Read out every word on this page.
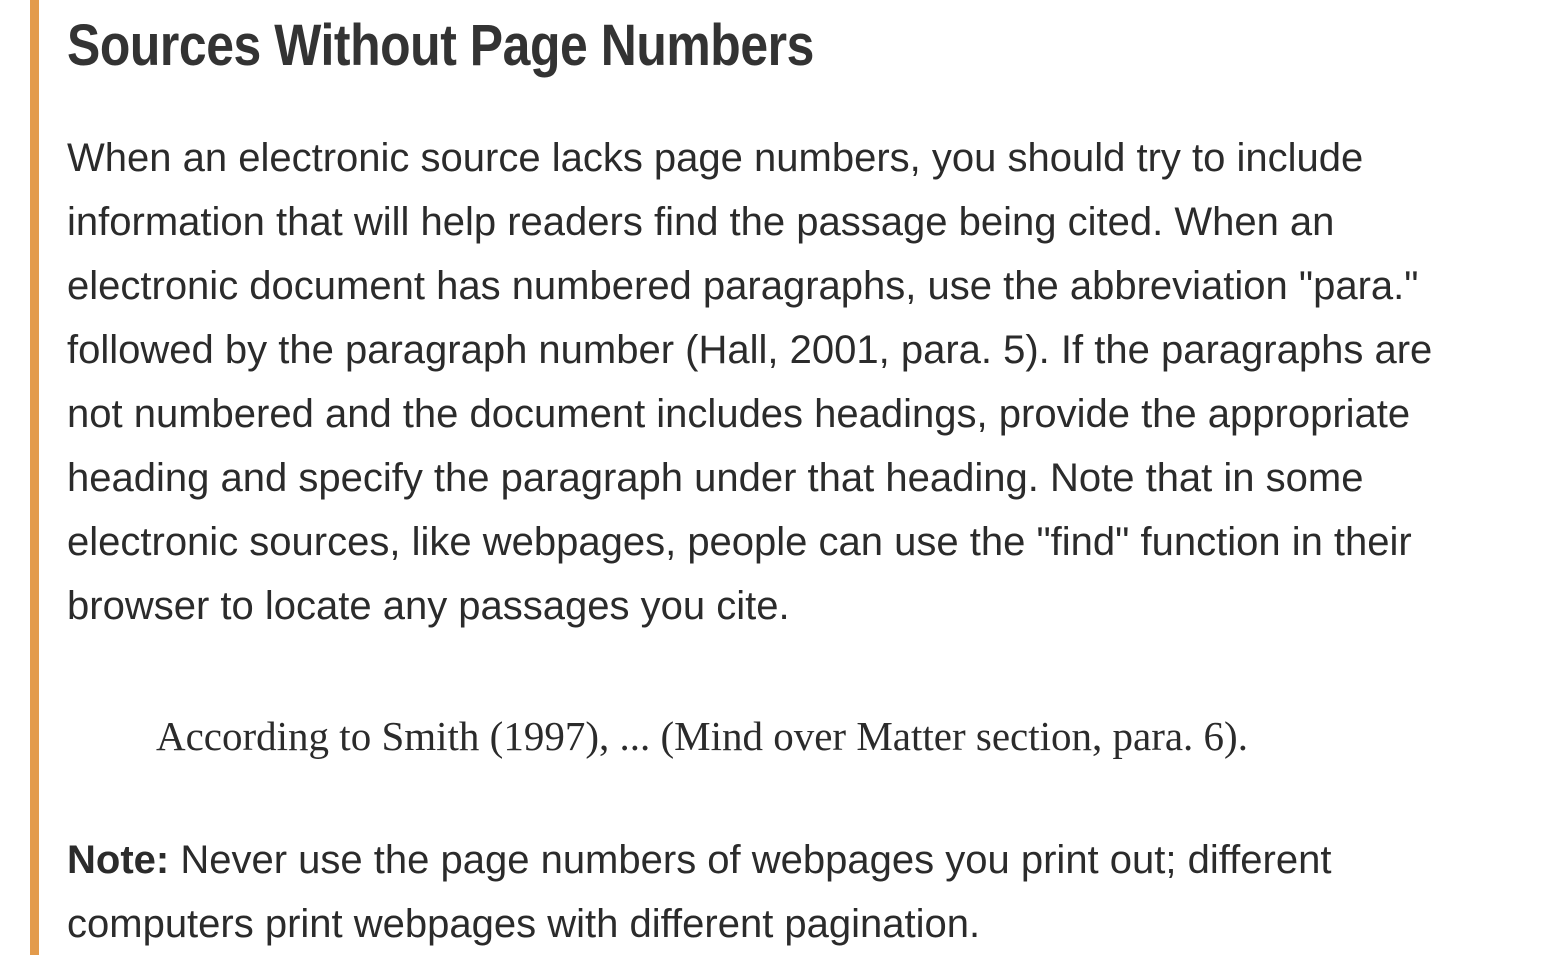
Sources Without Page Numbers

When an electronic source lacks page numbers, you should try to include
information that will help readers find the passage being cited. When an
electronic document has numbered paragraphs, use the abbreviation "para."
followed by the paragraph number (Hall, 2001, para. 5). If the paragraphs are
not numbered and the document includes headings, provide the appropriate
heading and specify the paragraph under that heading. Note that in some
electronic sources, like webpages, people can use the "find" function in their
browser to locate any passages you cite.

According to Smith (1997), ... (Mind over Matter section, para. 6).

Note: Never use the page numbers of webpages you print out; different
computers print webpages with different pagination.
